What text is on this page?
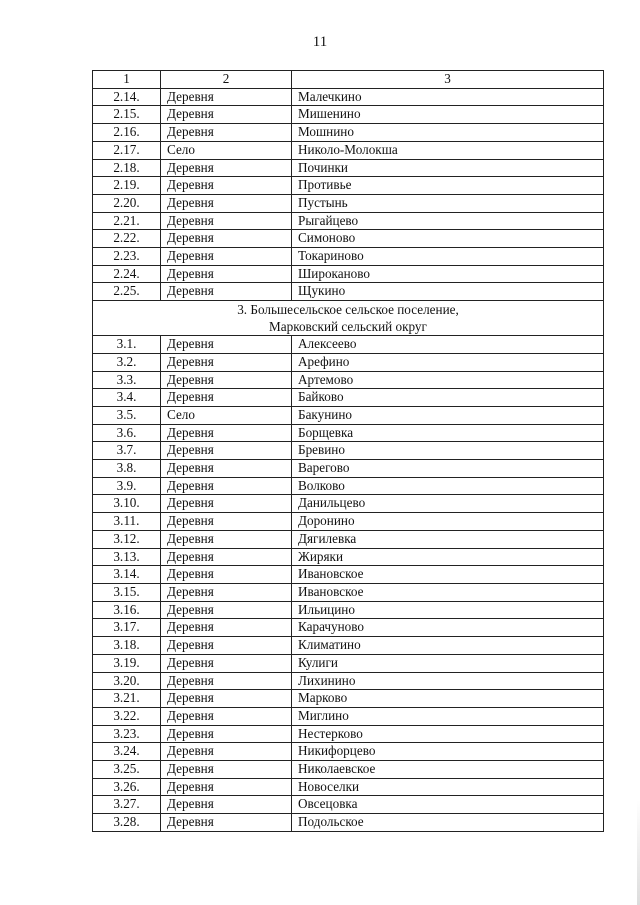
11
1	2	3
2.14.	Деревня	Малечкино
2.15.	Деревня	Мишенино
2.16.	Деревня	Мошнино
2.17.	Село	Николо-Молокша
2.18.	Деревня	Починки
2.19.	Деревня	Противье
2.20.	Деревня	Пустынь
2.21.	Деревня	Рыгайцево
2.22.	Деревня	Симоново
2.23.	Деревня	Токариново
2.24.	Деревня	Широканово
2.25.	Деревня	Щукино

3. Большесельское сельское поселение,
Марковский сельский округ		

3.1.	Деревня	Алексеево
3.2.	Деревня	Арефино
3.3.	Деревня	Артемово
3.4.	Деревня	Байково
3.5.	Село	Бакунино
3.6.	Деревня	Борщевка
3.7.	Деревня	Бревино
3.8.	Деревня	Варегово
3.9.	Деревня	Волково
3.10.	Деревня	Данильцево
3.11.	Деревня	Доронино
3.12.	Деревня	Дягилевка
3.13.	Деревня	Жиряки
3.14.	Деревня	Ивановское
3.15.	Деревня	Ивановское
3.16.	Деревня	Ильицино
3.17.	Деревня	Карачуново
3.18.	Деревня	Климатино
3.19.	Деревня	Кулиги
3.20.	Деревня	Лихинино
3.21.	Деревня	Марково
3.22.	Деревня	Миглино
3.23.	Деревня	Нестерково
3.24.	Деревня	Никифорцево
3.25.	Деревня	Николаевское
3.26.	Деревня	Новоселки
3.27.	Деревня	Овсецовка
3.28.	Деревня	Подольское
